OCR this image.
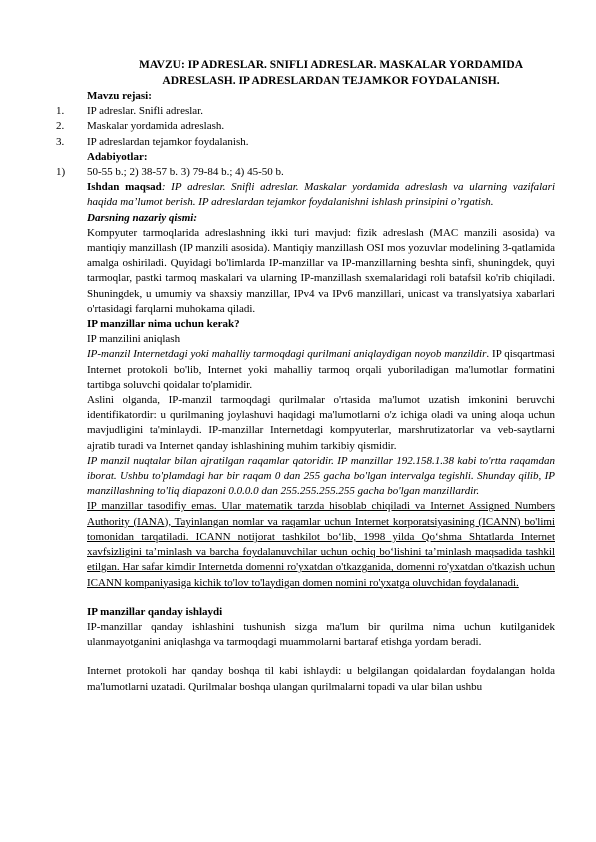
MAVZU: IP ADRESLAR. SNIFLI ADRESLAR. MASKALAR YORDAMIDA ADRESLASH. IP ADRESLARDAN TEJAMKOR FOYDALANISH.

Mavzu rejasi:

1.	IP adreslar. Snifli adreslar.
2.	Maskalar yordamida adreslash.
3.	IP adreslardan tejamkor foydalanish.

Adabiyotlar:

1)	50-55 b.; 2) 38-57 b. 3) 79-84 b.; 4) 45-50 b.

Ishdan maqsad: IP adreslar. Snifli adreslar. Maskalar yordamida adreslash va ularning vazifalari haqida ma’lumot berish. IP adreslardan tejamkor foydalanishni ishlash prinsipini o’rgatish.

Darsning nazariy qismi:

Kompyuter tarmoqlarida adreslashning ikki turi mavjud: fizik adreslash (MAC manzili asosida) va mantiqiy manzillash (IP manzili asosida). Mantiqiy manzillash OSI mos yozuvlar modelining 3-qatlamida amalga oshiriladi. Quyidagi bo'limlarda IP-manzillar va IP-manzillarning beshta sinfi, shuningdek, quyi tarmoqlar, pastki tarmoq maskalari va ularning IP-manzillash sxemalaridagi roli batafsil ko'rib chiqiladi. Shuningdek, u umumiy va shaxsiy manzillar, IPv4 va IPv6 manzillari, unicast va translyatsiya xabarlari o'rtasidagi farqlarni muhokama qiladi.

IP manzillar nima uchun kerak?

IP manzilini aniqlash

IP-manzil Internetdagi yoki mahalliy tarmoqdagi qurilmani aniqlaydigan noyob manzildir. IP qisqartmasi Internet protokoli bo'lib, Internet yoki mahalliy tarmoq orqali yuboriladigan ma'lumotlar formatini tartibga soluvchi qoidalar to'plamidir.

Aslini olganda, IP-manzil tarmoqdagi qurilmalar o'rtasida ma'lumot uzatish imkonini beruvchi identifikatordir: u qurilmaning joylashuvi haqidagi ma'lumotlarni o'z ichiga oladi va uning aloqa uchun mavjudligini ta'minlaydi. IP-manzillar Internetdagi kompyuterlar, marshrutizatorlar va veb-saytlarni ajratib turadi va Internet qanday ishlashining muhim tarkibiy qismidir.

IP manzil nuqtalar bilan ajratilgan raqamlar qatoridir. IP manzillar 192.158.1.38 kabi to'rtta raqamdan iborat. Ushbu to'plamdagi har bir raqam 0 dan 255 gacha bo'lgan intervalga tegishli. Shunday qilib, IP manzillashning to'liq diapazoni 0.0.0.0 dan 255.255.255.255 gacha bo'lgan manzillardir.

IP manzillar tasodifiy emas. Ular matematik tarzda hisoblab chiqiladi va Internet Assigned Numbers Authority (IANA), Tayinlangan nomlar va raqamlar uchun Internet korporatsiyasining (ICANN) bo'limi tomonidan tarqatiladi. ICANN notijorat tashkilot bo‘lib, 1998 yilda Qo‘shma Shtatlarda Internet xavfsizligini ta’minlash va barcha foydalanuvchilar uchun ochiq bo‘lishini ta’minlash maqsadida tashkil etilgan. Har safar kimdir Internetda domenni ro'yxatdan o'tkazganida, domenni ro'yxatdan o'tkazish uchun ICANN kompaniyasiga kichik to'lov to'laydigan domen nomini ro'yxatga oluvchidan foydalanadi.

IP manzillar qanday ishlaydi

IP-manzillar qanday ishlashini tushunish sizga ma'lum bir qurilma nima uchun kutilganidek ulanmayotganini aniqlashga va tarmoqdagi muammolarni bartaraf etishga yordam beradi.

Internet protokoli har qanday boshqa til kabi ishlaydi: u belgilangan qoidalardan foydalangan holda ma'lumotlarni uzatadi. Qurilmalar boshqa ulangan qurilmalarni topadi va ular bilan ushbu
